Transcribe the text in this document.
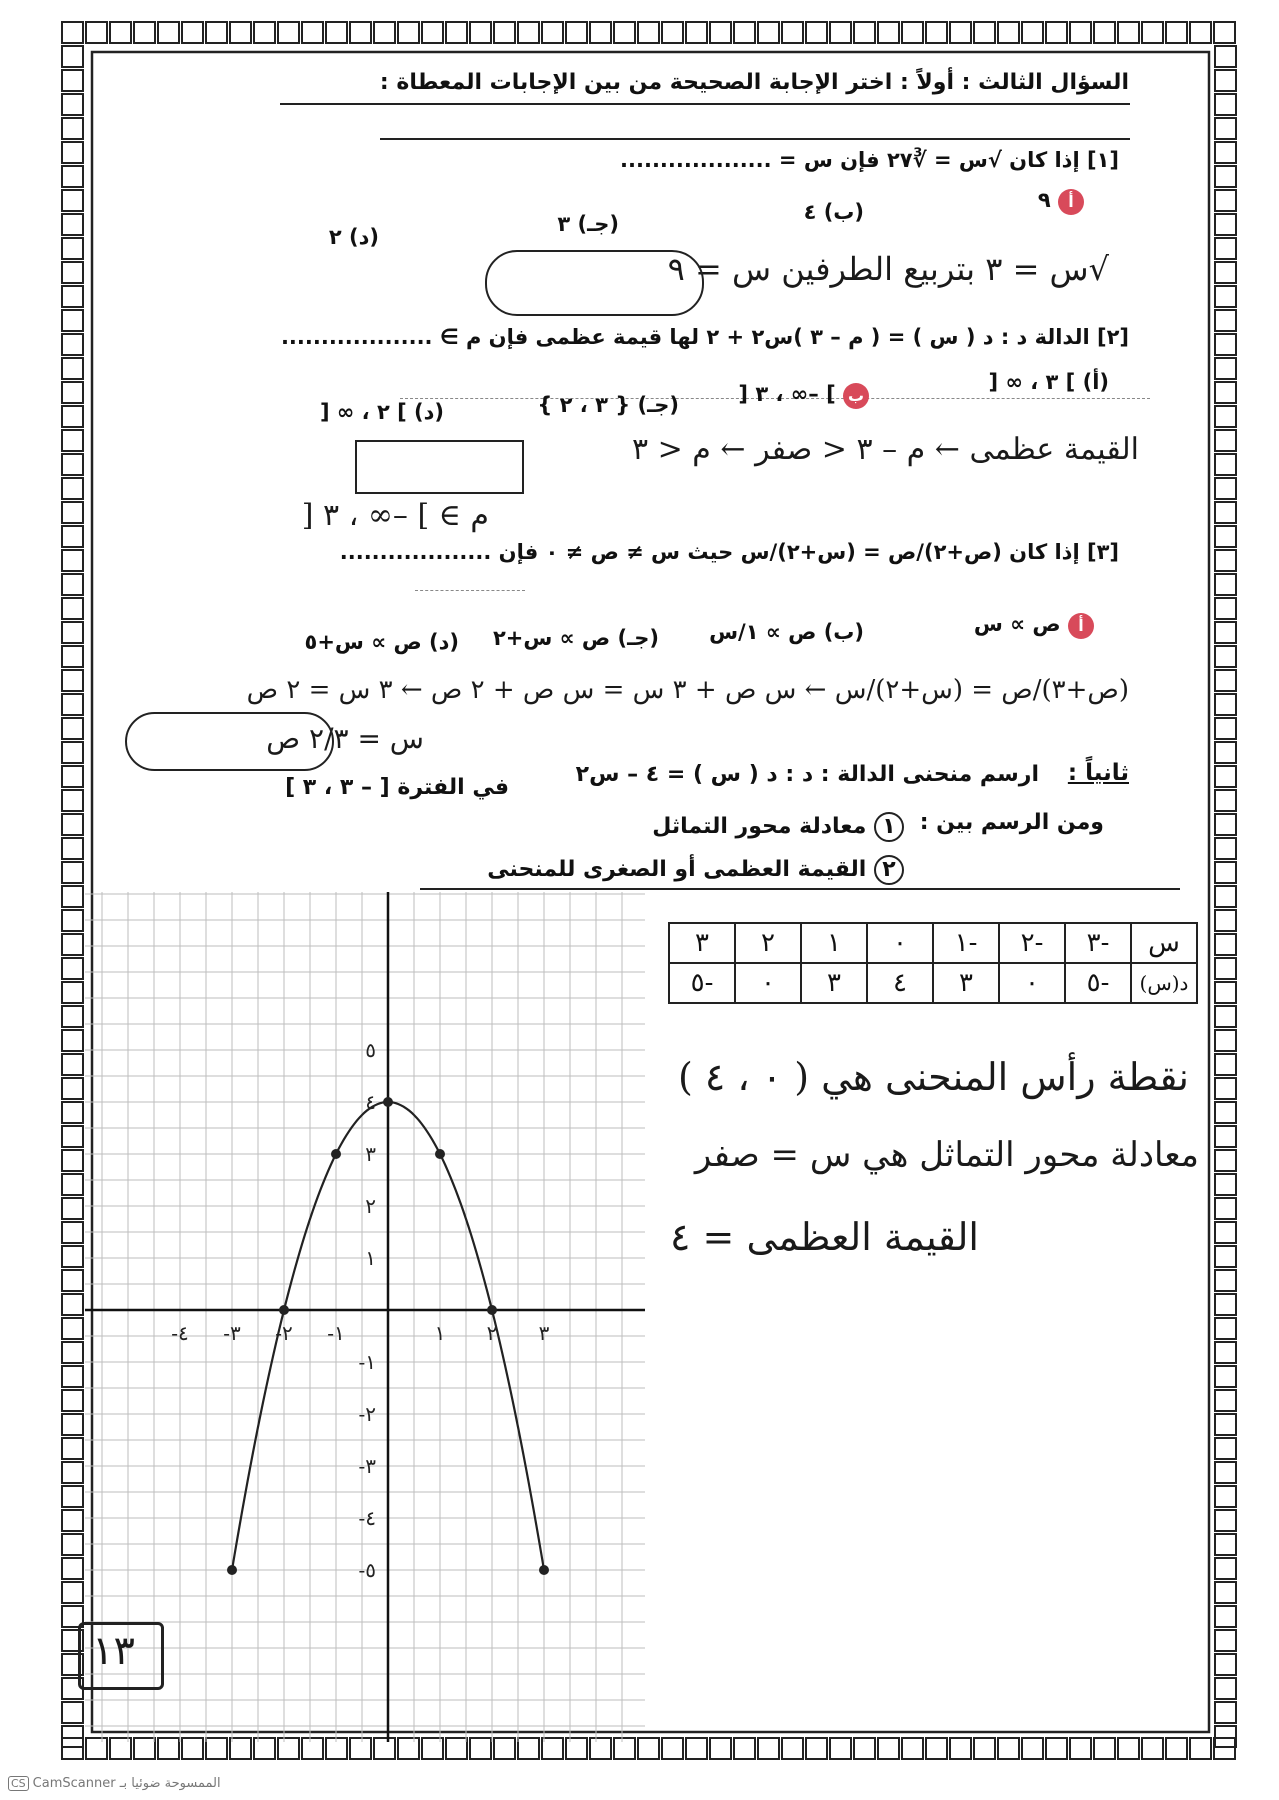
السؤال الثالث : أولاً : اختر الإجابة الصحيحة من بين الإجابات المعطاة :
[١] إذا كان √س = ∛٢٧ فإن س = ...................
أ ٩
(ب) ٤
(جـ) ٣
(د) ٢
√س = ٣ بتربيع الطرفين س = ٩
[٢] الدالة د : د ( س ) = ( م – ٣ )س٢ + ٢ لها قيمة عظمى فإن م ∋ ...................
(أ) ] ٣ ، ∞ [
ب ] –∞ ، ٣ [
(جـ) { ٣ ، ٢ }
(د) ] ٢ ، ∞ [
القيمة عظمى ← م – ٣ < صفر ← م < ٣
م ∋ ] –∞ ، ٣ [
[٣] إذا كان (ص+٢)/ص = (س+٢)/س حيث س ≠ ص ≠ ٠ فإن ...................
أ ص ∝ س
(ب) ص ∝ ١/س
(جـ) ص ∝ س+٢
(د) ص ∝ س+٥
(ص+٣)/ص = (س+٢)/س ← س ص + ٣ س = س ص + ٢ ص ← ٣ س = ٢ ص
س = ٢/٣ ص
ثانياً :
ارسم منحنى الدالة : د : د ( س ) = ٤ – س٢
في الفترة [ – ٣ ، ٣ ]
ومن الرسم بين :
١ معادلة محور التماثل
٢ القيمة العظمى أو الصغرى للمنحنى
س	-٣	-٢	-١	٠	١	٢	٣
د(س)	-٥	٠	٣	٤	٣	٠	-٥
نقطة رأس المنحنى هي ( ٠ ، ٤ )
معادلة محور التماثل هي س = صفر
القيمة العظمى = ٤
-٤ -٣ -٢ -١	١ ٢ ٣
٥
٤
٣
٢
١
-١
-٢
-٣
-٤
-٥
١٣
CS CamScanner الممسوحة ضوئيا بـ
